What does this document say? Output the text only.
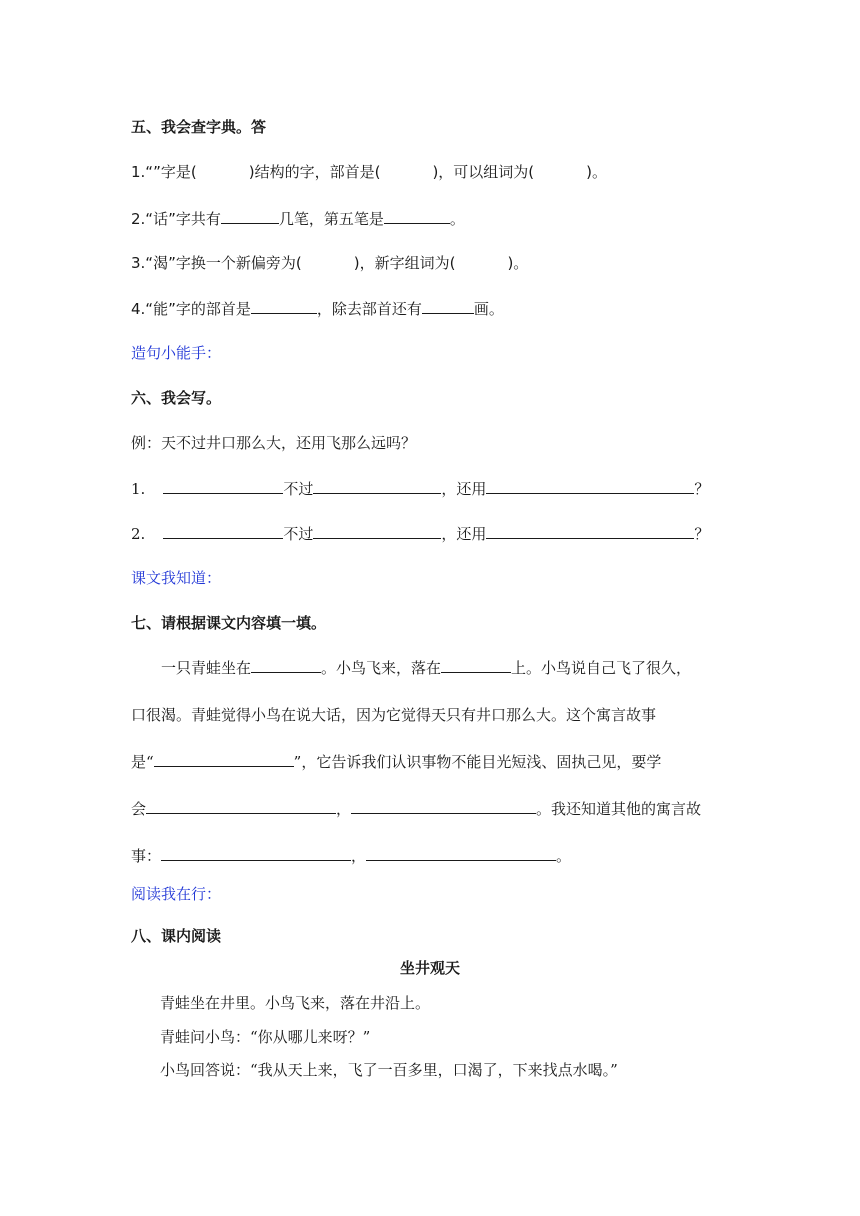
五、我会查字典。答
1.“”字是(	)结构的字，部首是(	)，可以组词为(	)。
2.“话”字共有	几笔，第五笔是	。
3.“渴”字换一个新偏旁为(	)，新字组词为(	)。
4.“能”字的部首是	，除去部首还有	画。
造句小能手：
六、我会写。
例：天不过井口那么大，还用飞那么远吗？
1.	不过	，还用	？
2.	不过	，还用	？
课文我知道：
七、请根据课文内容填一填。
一只青蛙坐在	。小鸟飞来，落在	上。小鸟说自己飞了很久，
口很渴。青蛙觉得小鸟在说大话，因为它觉得天只有井口那么大。这个寓言故事
是“	”，它告诉我们认识事物不能目光短浅、固执己见，要学
会	，	。我还知道其他的寓言故
事：	，	。
阅读我在行：
八、课内阅读
坐井观天
青蛙坐在井里。小鸟飞来，落在井沿上。
青蛙问小鸟：“你从哪儿来呀？”
小鸟回答说：“我从天上来，飞了一百多里，口渴了，下来找点水喝。”
